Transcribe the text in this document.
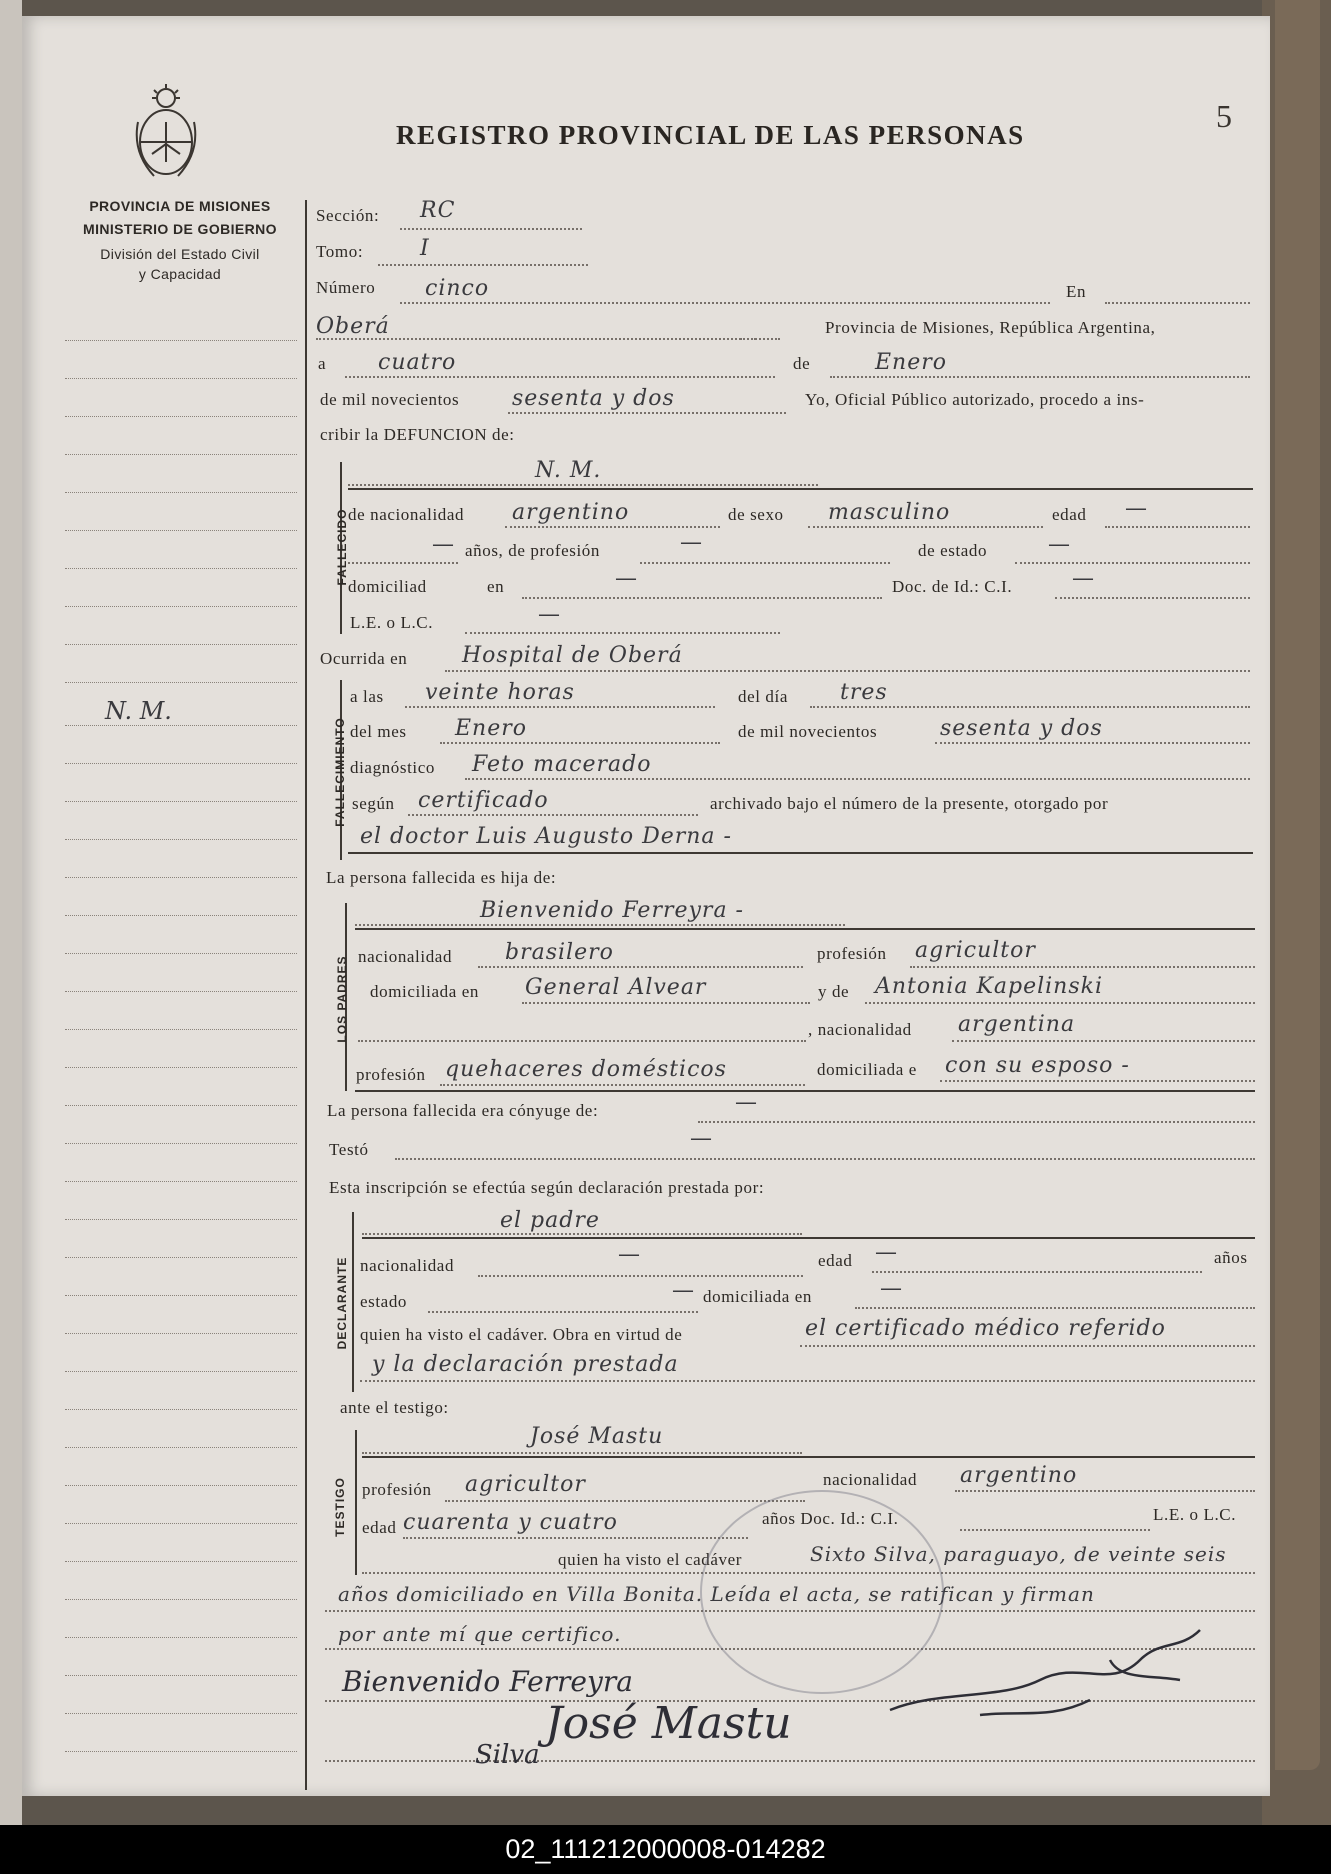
5
REGISTRO PROVINCIAL DE LAS PERSONAS
PROVINCIA DE MISIONES
MINISTERIO DE GOBIERNO
División del Estado Civil
y Capacidad
N. M.
Sección: RC
Tomo:	I
Número cinco	En
Oberá	Provincia de Misiones, República Argentina,
a cuatro	de	Enero
de mil novecientos sesenta y dos	Yo, Oficial Público autorizado, procedo a ins-
cribir la DEFUNCION de:
FALLECIDO
N. M.
de nacionalidad argentino	de sexo masculino	edad —
— años, de profesión	—	de estado	—
domiciliad	en	—	Doc. de Id.: C.I.	—
L.E. o L.C.	—
Ocurrida en Hospital de Oberá
FALLECIMIENTO
a las veinte horas	del día tres
del mes Enero	de mil novecientos	sesenta y dos
diagnóstico Feto macerado
según certificado	archivado bajo el número de la presente, otorgado por
el doctor Luis Augusto Derna -
La persona fallecida es hija de:
LOS PADRES
Bienvenido Ferreyra -
nacionalidad brasilero	profesión agricultor
domiciliada en General Alvear	y de Antonia Kapelinski
, nacionalidad argentina
profesión quehaceres domésticos	domiciliada e con su esposo -
La persona fallecida era cónyuge de:	—
Testó	—
Esta inscripción se efectúa según declaración prestada por:
DECLARANTE
el padre
nacionalidad	—	edad —	años
estado	— domiciliada en	—
quien ha visto el cadáver. Obra en virtud de	el certificado médico referido
y la declaración prestada
ante el testigo:
TESTIGO
José Mastu
profesión agricultor	nacionalidad argentino
edad cuarenta y cuatro	años Doc. Id.: C.I.	L.E. o L.C.
quien ha visto el cadáver	Sixto Silva, paraguayo, de veinte seis
años domiciliado en Villa Bonita. Leída el acta, se ratifican y firman
por ante mí que certifico.
Bienvenido Ferreyra
José Mastu
Silva
02_111212000008-014282
